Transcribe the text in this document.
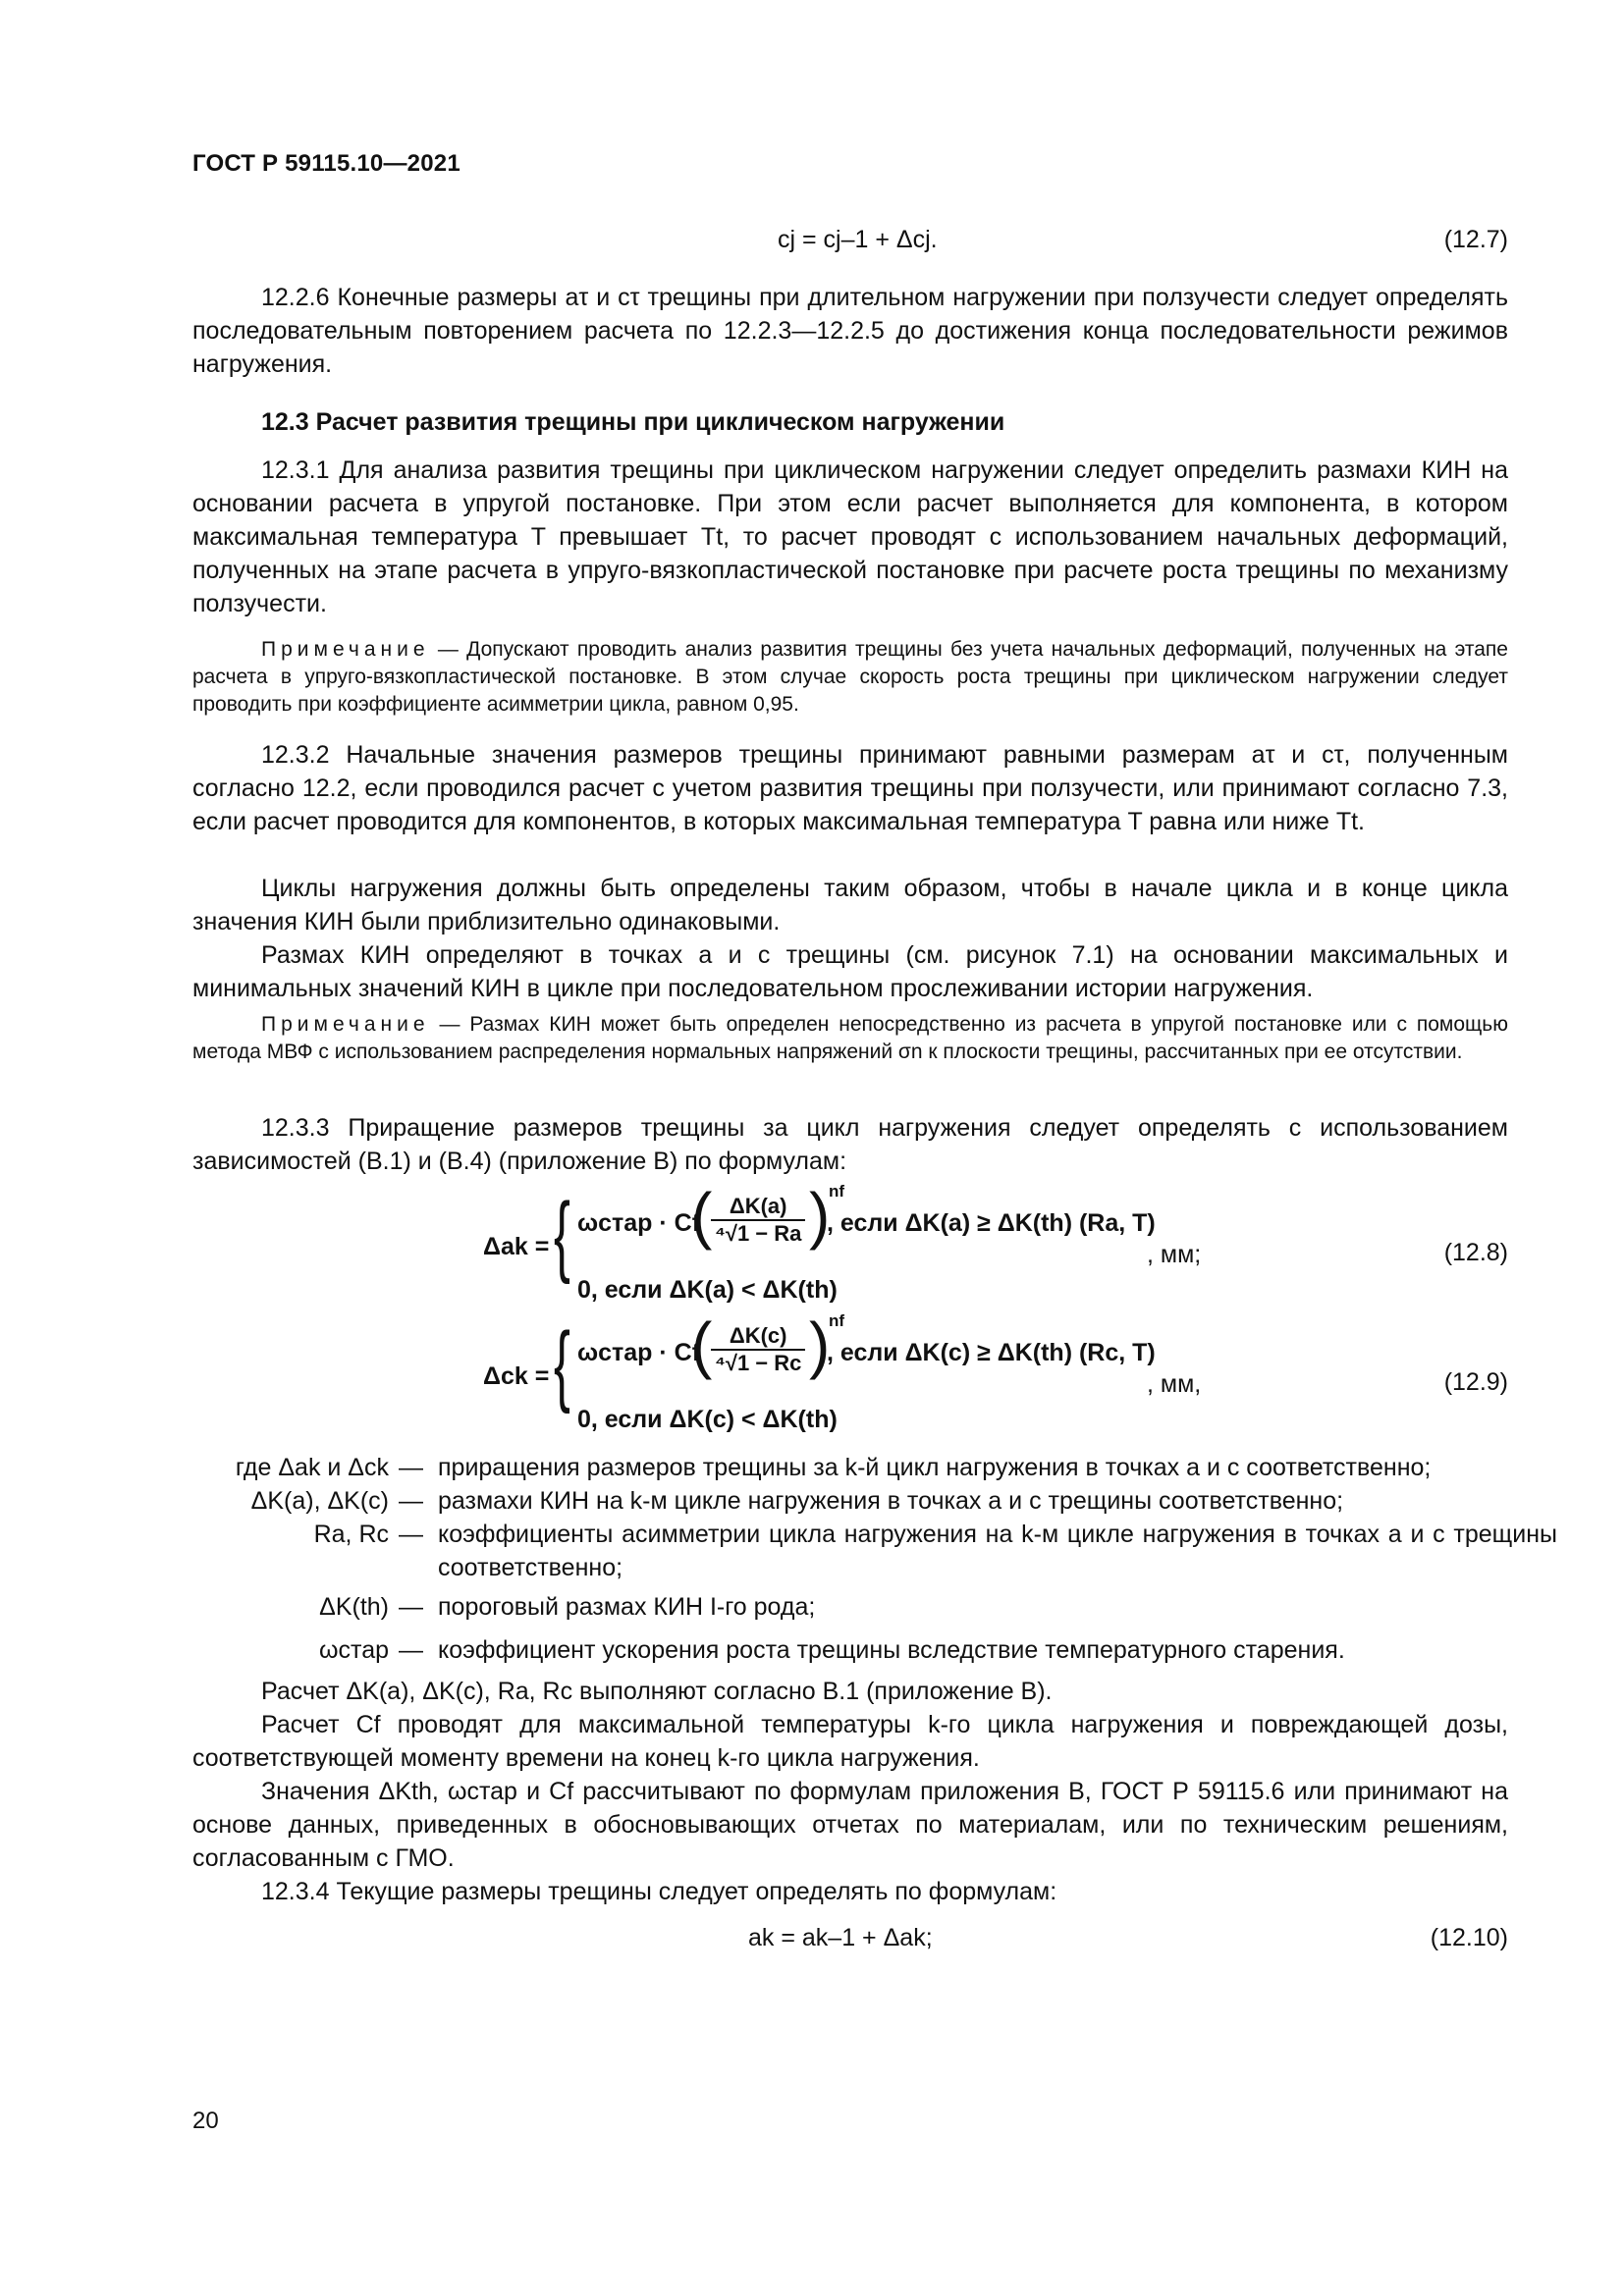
ГОСТ Р 59115.10—2021
cj = cj–1 + Δcj.	(12.7)
12.2.6 Конечные размеры aτ и cτ трещины при длительном нагружении при ползучести следует определять последовательным повторением расчета по 12.2.3—12.2.5 до достижения конца последовательности режимов нагружения.
12.3 Расчет развития трещины при циклическом нагружении
12.3.1 Для анализа развития трещины при циклическом нагружении следует определить размахи КИН на основании расчета в упругой постановке. При этом если расчет выполняется для компонента, в котором максимальная температура T превышает Tt, то расчет проводят с использованием начальных деформаций, полученных на этапе расчета в упруго-вязкопластической постановке при расчете роста трещины по механизму ползучести.
Примечание — Допускают проводить анализ развития трещины без учета начальных деформаций, полученных на этапе расчета в упруго-вязкопластической постановке. В этом случае скорость роста трещины при циклическом нагружении следует проводить при коэффициенте асимметрии цикла, равном 0,95.
12.3.2 Начальные значения размеров трещины принимают равными размерам aτ и cτ, полученным согласно 12.2, если проводился расчет с учетом развития трещины при ползучести, или принимают согласно 7.3, если расчет проводится для компонентов, в которых максимальная температура T равна или ниже Tt.
Циклы нагружения должны быть определены таким образом, чтобы в начале цикла и в конце цикла значения КИН были приблизительно одинаковыми.
Размах КИН определяют в точках a и c трещины (см. рисунок 7.1) на основании максимальных и минимальных значений КИН в цикле при последовательном прослеживании истории нагружения.
Примечание — Размах КИН может быть определен непосредственно из расчета в упругой постановке или с помощью метода МВФ с использованием распределения нормальных напряжений σn к плоскости трещины, рассчитанных при ее отсутствии.
12.3.3 Приращение размеров трещины за цикл нагружения следует определять с использованием зависимостей (В.1) и (В.4) (приложение В) по формулам:
Δak = { ωстар · Cf
(
$\frac{\Delta K(a)}{\text{⁴√1 − Ra}}$ )
nf
, если ΔK(a) ≥ ΔK(th) (Ra, T)
0, если ΔK(a) < ΔK(th)
, мм;	(12.8)
Δck = { ωстар · Cf
(
$\frac{\Delta K(c)}{\text{⁴√1 − Rc}}$ )
nf
, если ΔK(c) ≥ ΔK(th) (Rc, T)
0, если ΔK(c) < ΔK(th)
, мм,	(12.9)
где Δak и Δck — приращения размеров трещины за k-й цикл нагружения в точках a и c соответственно;
ΔK(a), ΔK(c) — размахи КИН на k-м цикле нагружения в точках a и c трещины соответственно;
Ra, Rc — коэффициенты асимметрии цикла нагружения на k-м цикле нагружения в точках a и c трещины соответственно;
ΔK(th) — пороговый размах КИН I-го рода;
ωстар — коэффициент ускорения роста трещины вследствие температурного старения.
Расчет ΔK(a), ΔK(c), Ra, Rc выполняют согласно В.1 (приложение В).
Расчет Cf проводят для максимальной температуры k-го цикла нагружения и повреждающей дозы, соответствующей моменту времени на конец k-го цикла нагружения.
Значения ΔKth, ωстар и Cf рассчитывают по формулам приложения В, ГОСТ Р 59115.6 или принимают на основе данных, приведенных в обосновывающих отчетах по материалам, или по техническим решениям, согласованным с ГМО.
12.3.4 Текущие размеры трещины следует определять по формулам:
ak = ak–1 + Δak;	(12.10)
20
